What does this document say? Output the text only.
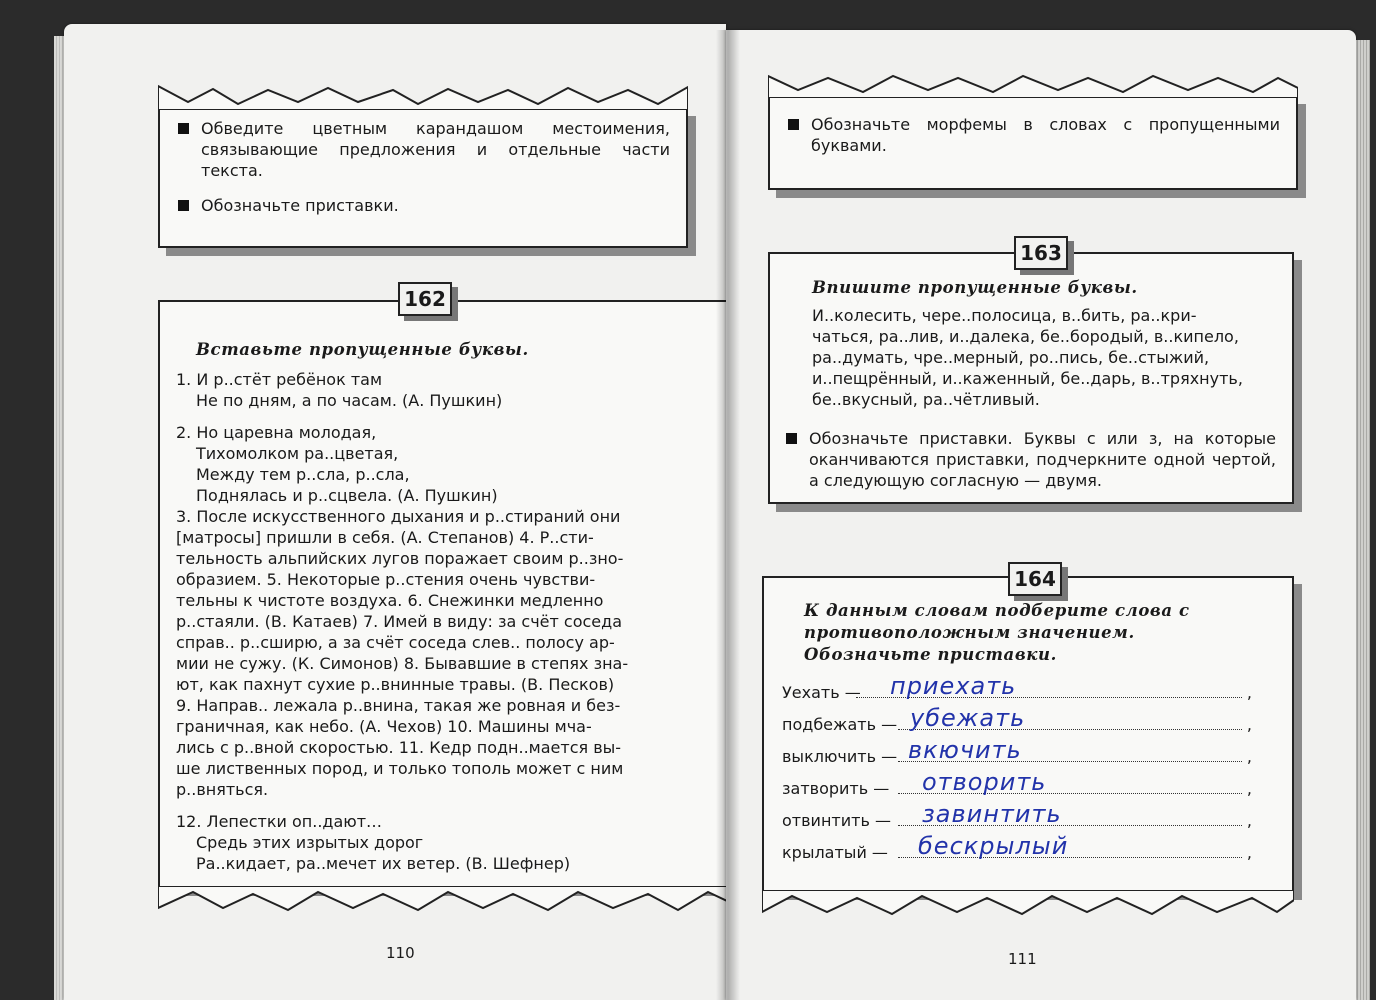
Обведите цветным карандашом местоимения, связывающие предложения и отдельные части текста.
Обозначьте приставки.
Вставьте пропущенные буквы.
1. И р..стёт ребёнок там
Не по дням, а по часам. (А. Пушкин)
2. Но царевна молодая,
Тихомолком ра..цветая,
Между тем р..сла, р..сла,
Поднялась и р..сцвела. (А. Пушкин)
3. После искусственного дыхания и р..стираний они
[матросы] пришли в себя. (А. Степанов) 4. Р..сти-
тельность альпийских лугов поражает своим р..зно-
образием. 5. Некоторые р..стения очень чувстви-
тельны к чистоте воздуха. 6. Снежинки медленно
р..стаяли. (В. Катаев) 7. Имей в виду: за счёт соседа
справ.. р..сширю, а за счёт соседа слев.. полосу ар-
мии не сужу. (К. Симонов) 8. Бывавшие в степях зна-
ют, как пахнут сухие р..внинные травы. (В. Песков)
9. Направ.. лежала р..внина, такая же ровная и без-
граничная, как небо. (А. Чехов) 10. Машины мча-
лись с р..вной скоростью. 11. Кедр подн..мается вы-
ше лиственных пород, и только тополь может с ним
р..вняться.
12. Лепестки оп..дают…
Средь этих изрытых дорог
Ра..кидает, ра..мечет их ветер. (В. Шефнер)
162
110
Обозначьте морфемы в словах с пропущенными буквами.
Впишите пропущенные буквы.
И..колесить, чере..полосица, в..бить, ра..кри-
чаться, ра..лив, и..далека, бе..бородый, в..кипело,
ра..думать, чре..мерный, ро..пись, бе..стыжий,
и..пещрённый, и..каженный, бе..дарь, в..тряхнуть,
бе..вкусный, ра..чётливый.
Обозначьте приставки. Буквы с или з, на которые оканчиваются приставки, подчеркните одной чертой, а следующую согласную — двумя.
163
К данным словам подберите слова с противоположным значением. Обозначьте приставки.
Уехать — приехать	,
подбежать — убежать	,
выключить — вкючить	,
затворить — отворить	,
отвинтить — завинтить	,
крылатый — бескрылый	,
164
111
